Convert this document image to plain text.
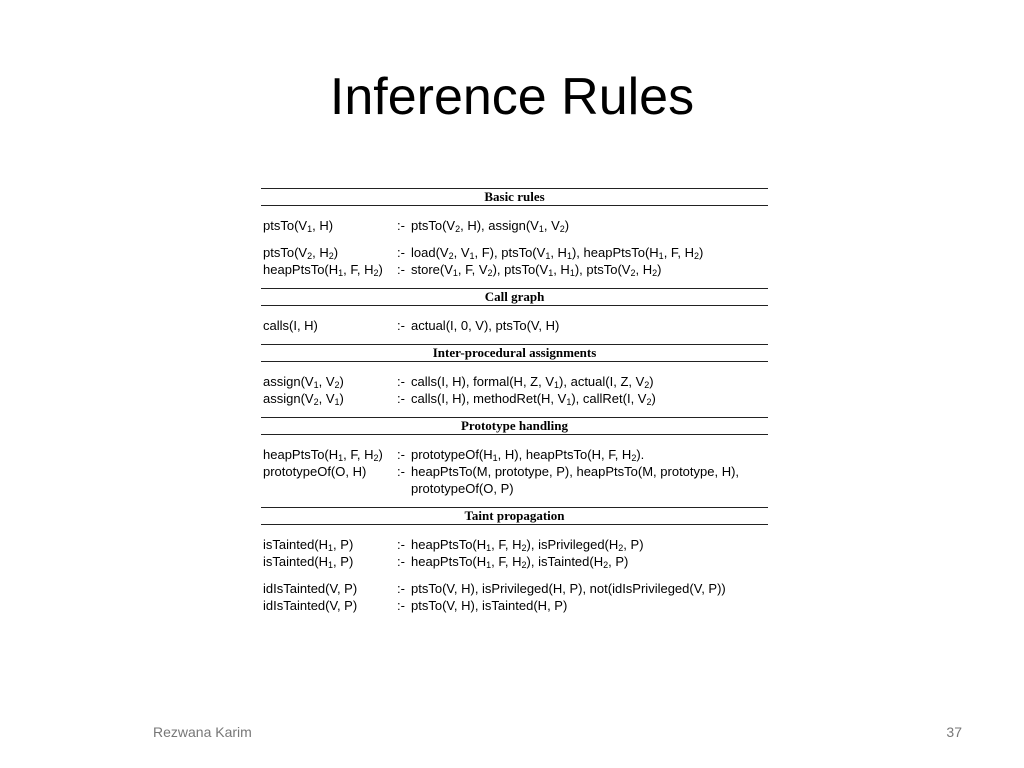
Inference Rules
Basic rules
$ptsTo(V_1$, H)	:- $ptsTo(V_2$, H), $assign(V_1$, $V_2$)
$ptsTo(V_2$, $H_2$)	:- $load(V_2$, $V_1$, F), $ptsTo(V_1$, $H_1$), $heapPtsTo(H_1$, F, $H_2$)
$heapPtsTo(H_1$, F, $H_2$)	:- $store(V_1$, F, $V_2$), $ptsTo(V_1$, $H_1$), $ptsTo(V_2$, $H_2$)
Call graph
calls(I, H)	:- actual(I, 0, V), ptsTo(V, H)
Inter-procedural assignments
$assign(V_1$, $V_2$)	:- calls(I, H), formal(H, Z, $V_1$), actual(I, Z, $V_2$)
$assign(V_2$, $V_1$)	:- calls(I, H), methodRet(H, $V_1$), callRet(I, $V_2$)
Prototype handling
$heapPtsTo(H_1$, F, $H_2$)	:- $prototypeOf(H_1$, H), heapPtsTo(H, F, $H_2$).
prototypeOf(O, H)	:- heapPtsTo(M, prototype, P), heapPtsTo(M, prototype, H),
prototypeOf(O, P)
Taint propagation
$isTainted(H_1$, P)	:- $heapPtsTo(H_1$, F, $H_2$), $isPrivileged(H_2$, P)
$isTainted(H_1$, P)	:- $heapPtsTo(H_1$, F, $H_2$), $isTainted(H_2$, P)
idIsTainted(V, P)	:- ptsTo(V, H), isPrivileged(H, P), not(idIsPrivileged(V, P))
idIsTainted(V, P)	:- ptsTo(V, H), isTainted(H, P)
Rezwana Karim	37
